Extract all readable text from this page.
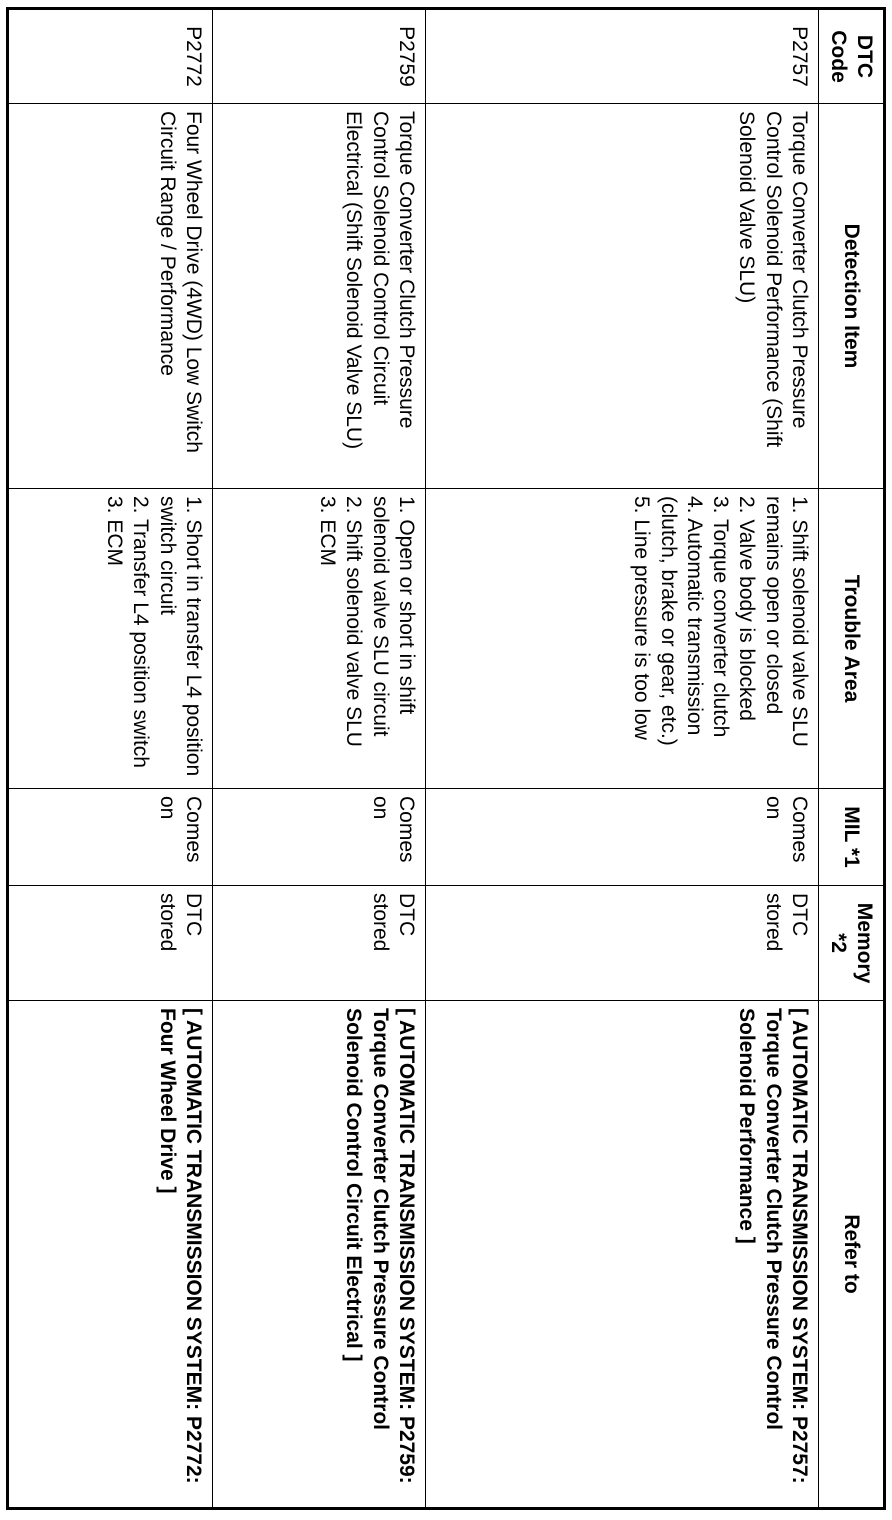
DTC Code	Detection Item	Trouble Area	MIL *1	Memory *2	Refer to
P2757	Torque Converter Clutch Pressure Control Solenoid Performance (Shift Solenoid Valve SLU)	1. Shift solenoid valve SLU remains open or closed
2. Valve body is blocked
3. Torque converter clutch
4. Automatic transmission (clutch, brake or gear, etc.)
5. Line pressure is too low	Comes on	DTC stored	[ AUTOMATIC TRANSMISSION SYSTEM: P2757: Torque Converter Clutch Pressure Control Solenoid Performance ]
P2759	Torque Converter Clutch Pressure Control Solenoid Control Circuit Electrical (Shift Solenoid Valve SLU)	1. Open or short in shift solenoid valve SLU circuit
2. Shift solenoid valve SLU
3. ECM	Comes on	DTC stored	[ AUTOMATIC TRANSMISSION SYSTEM: P2759: Torque Converter Clutch Pressure Control Solenoid Control Circuit Electrical ]
P2772	Four Wheel Drive (4WD) Low Switch Circuit Range / Performance	1. Short in transfer L4 position switch circuit
2. Transfer L4 position switch
3. ECM	Comes on	DTC stored	[ AUTOMATIC TRANSMISSION SYSTEM: P2772: Four Wheel Drive ]
